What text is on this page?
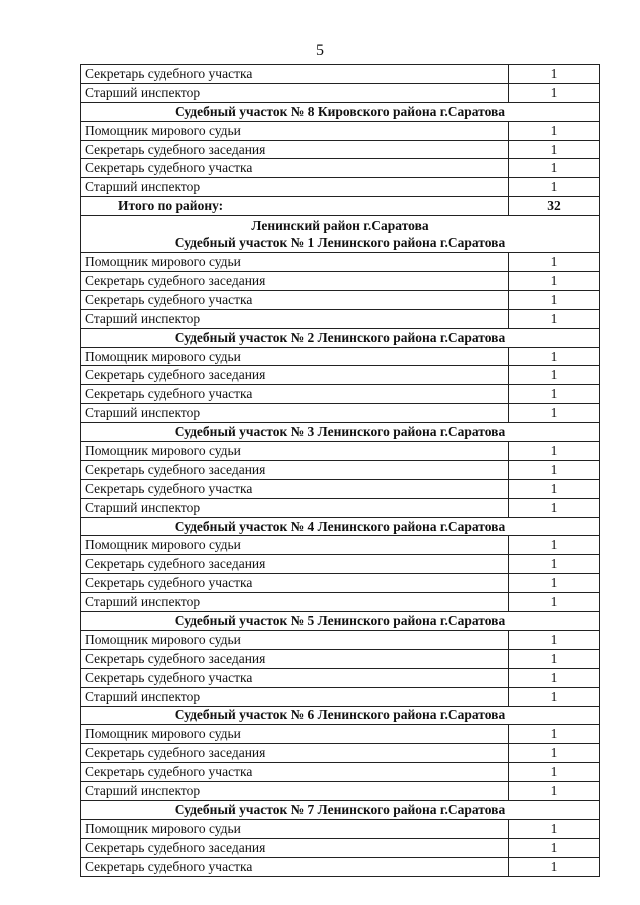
5
Секретарь судебного участка	1
Старший инспектор	1
Судебный участок № 8 Кировского района г.Саратова	
Помощник мирового судьи	1
Секретарь судебного заседания	1
Секретарь судебного участка	1
Старший инспектор	1
Итого по району:	32

Ленинский район г.Саратова
Судебный участок № 1 Ленинского района г.Саратова	

Помощник мирового судьи	1
Секретарь судебного заседания	1
Секретарь судебного участка	1
Старший инспектор	1
Судебный участок № 2 Ленинского района г.Саратова	
Помощник мирового судьи	1
Секретарь судебного заседания	1
Секретарь судебного участка	1
Старший инспектор	1
Судебный участок № 3 Ленинского района г.Саратова	
Помощник мирового судьи	1
Секретарь судебного заседания	1
Секретарь судебного участка	1
Старший инспектор	1
Судебный участок № 4 Ленинского района г.Саратова	
Помощник мирового судьи	1
Секретарь судебного заседания	1
Секретарь судебного участка	1
Старший инспектор	1
Судебный участок № 5 Ленинского района г.Саратова	
Помощник мирового судьи	1
Секретарь судебного заседания	1
Секретарь судебного участка	1
Старший инспектор	1
Судебный участок № 6 Ленинского района г.Саратова	
Помощник мирового судьи	1
Секретарь судебного заседания	1
Секретарь судебного участка	1
Старший инспектор	1
Судебный участок № 7 Ленинского района г.Саратова	
Помощник мирового судьи	1
Секретарь судебного заседания	1
Секретарь судебного участка	1
